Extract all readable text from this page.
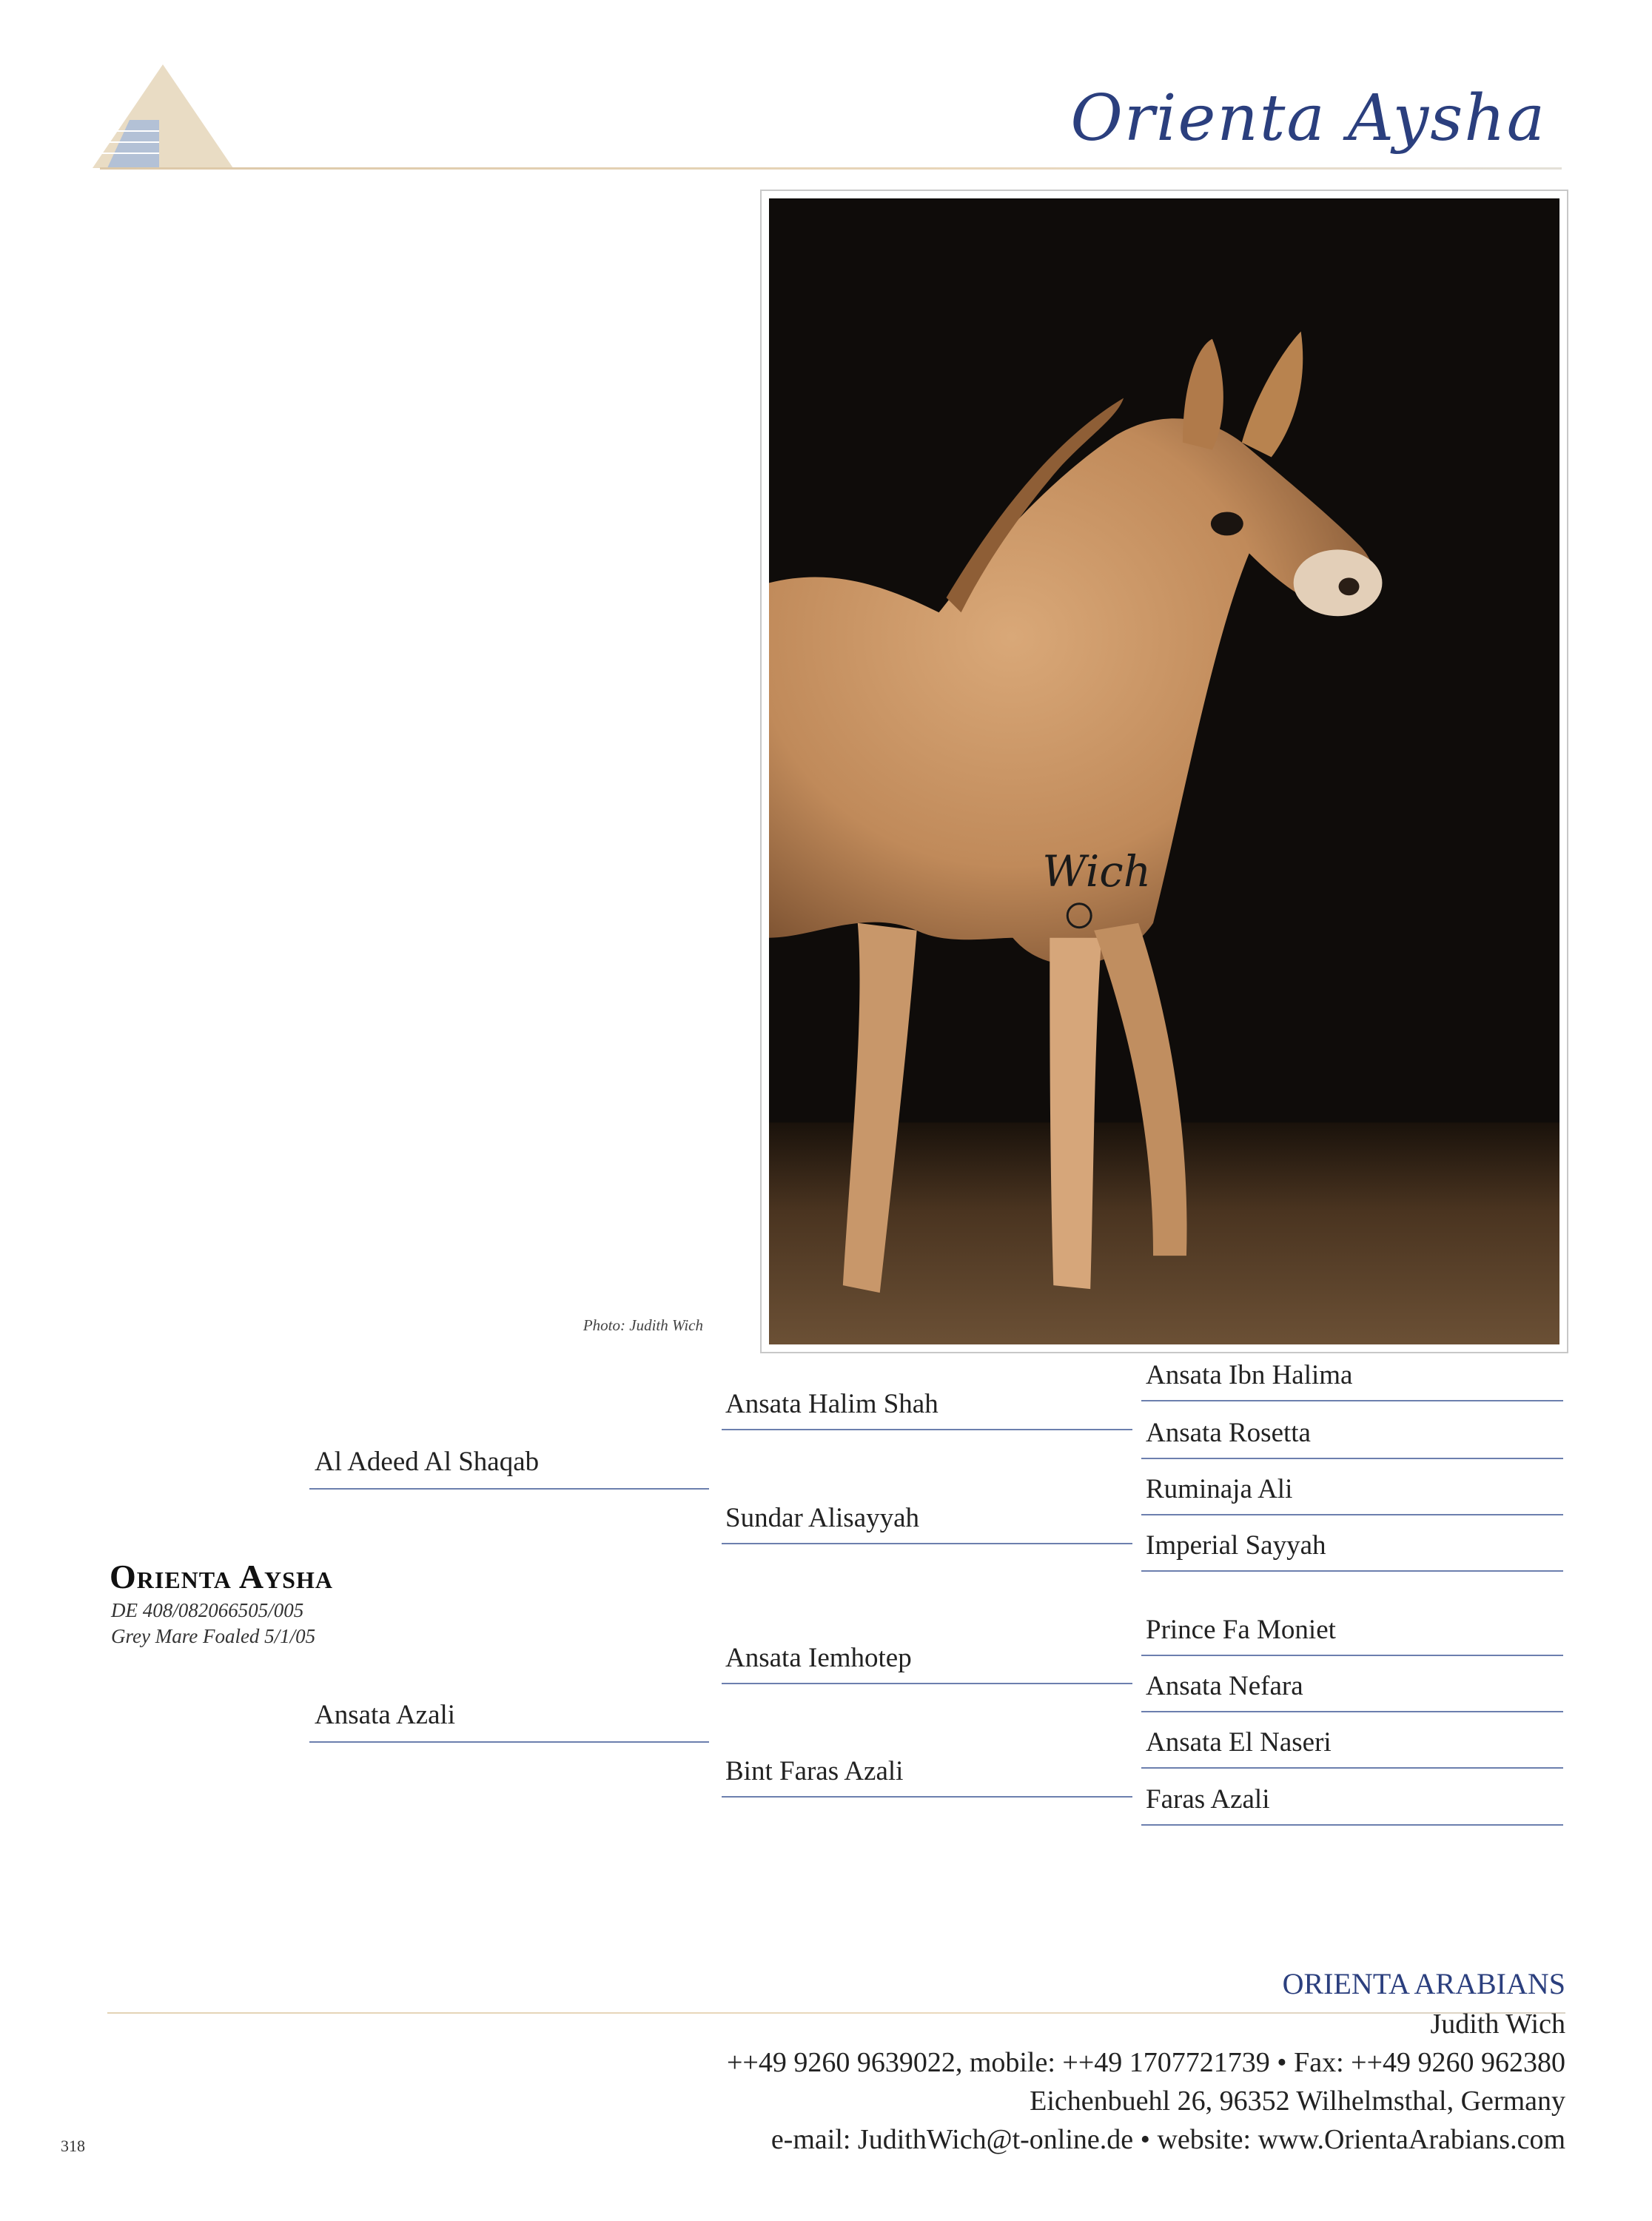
Orienta Aysha
Wich
Photo: Judith Wich
Al Adeed Al Shaqab
Ansata Azali
Orienta Aysha
DE 408/082066505/005
Grey Mare Foaled 5/1/05
Ansata Halim Shah
Sundar Alisayyah
Ansata Iemhotep
Bint Faras Azali
Ansata Ibn Halima
Ansata Rosetta
Ruminaja Ali
Imperial Sayyah
Prince Fa Moniet
Ansata Nefara
Ansata El Naseri
Faras Azali
ORIENTA ARABIANS
Judith Wich
++49 9260 9639022, mobile: ++49 1707721739 • Fax: ++49 9260 962380
Eichenbuehl 26, 96352 Wilhelmsthal, Germany
e-mail: JudithWich@t-online.de • website: www.OrientaArabians.com
318
